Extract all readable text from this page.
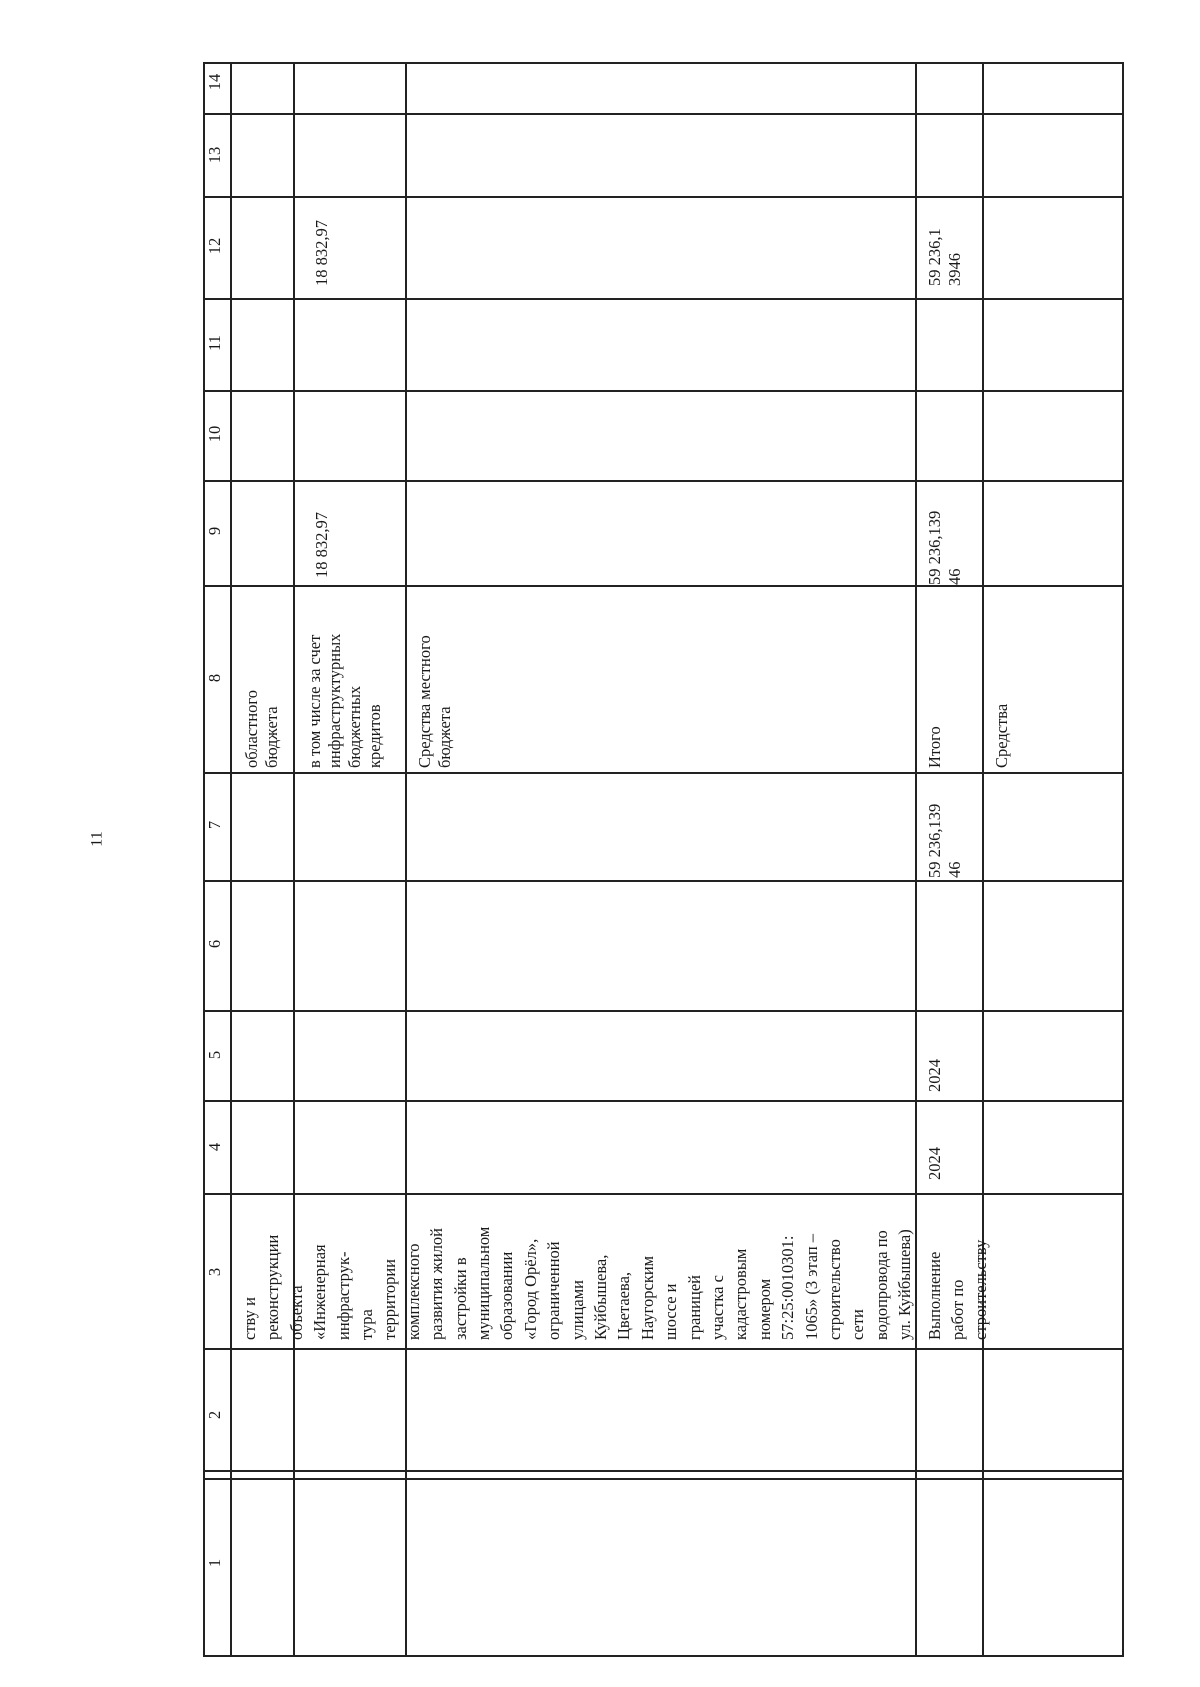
11
14
13
12
11
10
9
8
7
6
5
4
3
2
1
ству и реконструкции объекта «Инженерная инфраструк- тура территории комплексного развития жилой застройки в муниципальном образовании «Город Орёл», ограниченной улицами Куйбышева, Цветаева, Наугорским шоссе и границей участка с кадастровым номером 57:25:0010301: 1065» (3 этап – строительство сети водопровода по ул. Куйбышева)
областного бюджета в том числе за счет инфраструктурных бюджетных кредитов Средства местного бюджета
18 832,97
18 832,97
Выполнение работ по строительству
2024
2024
59 236,139 46
Итого	Средства
59 236,139 46
59 236,1 3946
